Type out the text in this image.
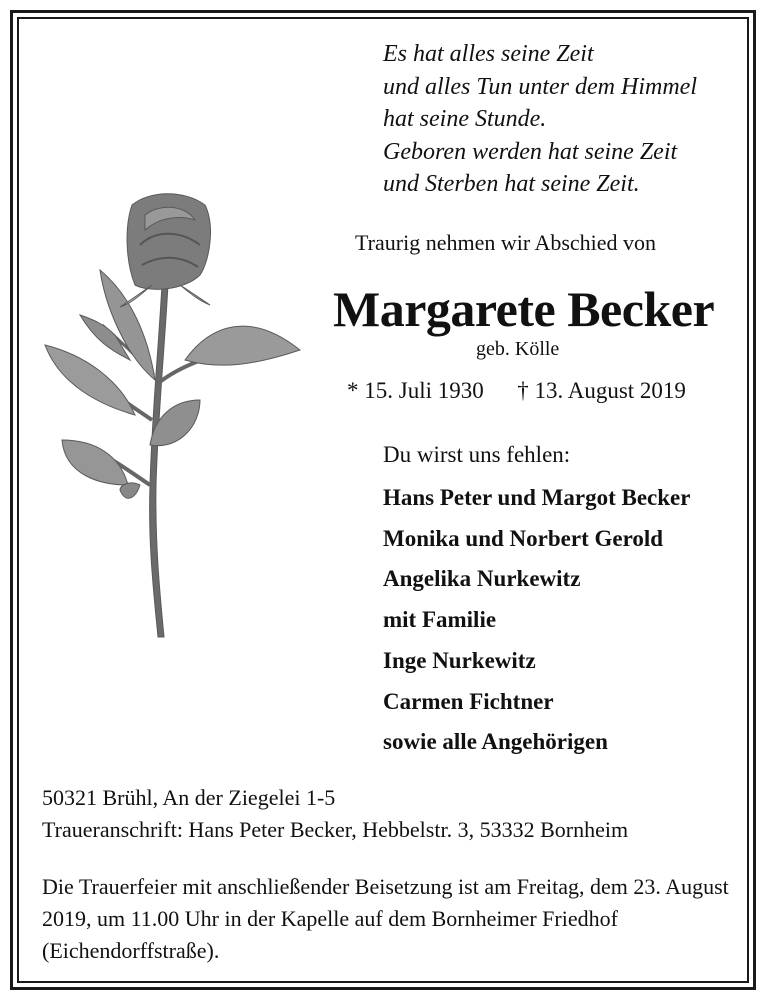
Es hat alles seine Zeit
und alles Tun unter dem Himmel
hat seine Stunde.
Geboren werden hat seine Zeit
und Sterben hat seine Zeit.
Traurig nehmen wir Abschied von
Margarete Becker
geb. Kölle
* 15. Juli 1930 † 13. August 2019
Du wirst uns fehlen:
Hans Peter und Margot Becker
Monika und Norbert Gerold
Angelika Nurkewitz
mit Familie
Inge Nurkewitz
Carmen Fichtner
sowie alle Angehörigen
50321 Brühl, An der Ziegelei 1-5
Traueranschrift: Hans Peter Becker, Hebbelstr. 3, 53332 Bornheim
Die Trauerfeier mit anschließender Beisetzung ist am Freitag, dem 23. August 2019, um 11.00 Uhr in der Kapelle auf dem Bornheimer Friedhof (Eichendorffstraße).
